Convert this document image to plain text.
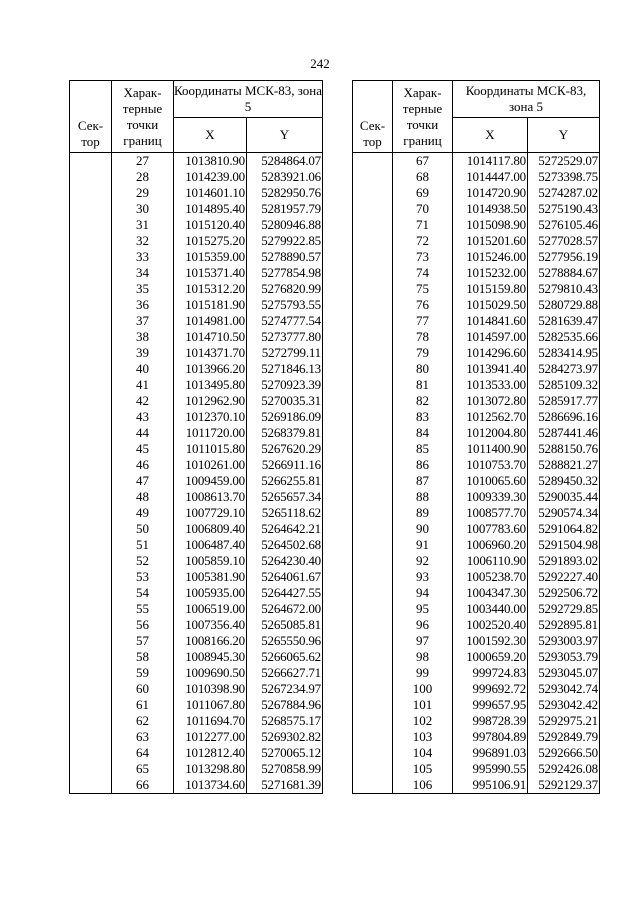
242
Сек-тор	Харак-терные точки границ	Координаты МСК-83, зона 5	
		X	Y
	27	1013810.90	5284864.07
	28	1014239.00	5283921.06
	29	1014601.10	5282950.76
	30	1014895.40	5281957.79
	31	1015120.40	5280946.88
	32	1015275.20	5279922.85
	33	1015359.00	5278890.57
	34	1015371.40	5277854.98
	35	1015312.20	5276820.99
	36	1015181.90	5275793.55
	37	1014981.00	5274777.54
	38	1014710.50	5273777.80
	39	1014371.70	5272799.11
	40	1013966.20	5271846.13
	41	1013495.80	5270923.39
	42	1012962.90	5270035.31
	43	1012370.10	5269186.09
	44	1011720.00	5268379.81
	45	1011015.80	5267620.29
	46	1010261.00	5266911.16
	47	1009459.00	5266255.81
	48	1008613.70	5265657.34
	49	1007729.10	5265118.62
	50	1006809.40	5264642.21
	51	1006487.40	5264502.68
	52	1005859.10	5264230.40
	53	1005381.90	5264061.67
	54	1005935.00	5264427.55
	55	1006519.00	5264672.00
	56	1007356.40	5265085.81
	57	1008166.20	5265550.96
	58	1008945.30	5266065.62
	59	1009690.50	5266627.71
	60	1010398.90	5267234.97
	61	1011067.80	5267884.96
	62	1011694.70	5268575.17
	63	1012277.00	5269302.82
	64	1012812.40	5270065.12
	65	1013298.80	5270858.99
	66	1013734.60	5271681.39
Сек-тор	Харак-терные точки границ	Координаты МСК-83, зона 5	
		X	Y
	67	1014117.80	5272529.07
	68	1014447.00	5273398.75
	69	1014720.90	5274287.02
	70	1014938.50	5275190.43
	71	1015098.90	5276105.46
	72	1015201.60	5277028.57
	73	1015246.00	5277956.19
	74	1015232.00	5278884.67
	75	1015159.80	5279810.43
	76	1015029.50	5280729.88
	77	1014841.60	5281639.47
	78	1014597.00	5282535.66
	79	1014296.60	5283414.95
	80	1013941.40	5284273.97
	81	1013533.00	5285109.32
	82	1013072.80	5285917.77
	83	1012562.70	5286696.16
	84	1012004.80	5287441.46
	85	1011400.90	5288150.76
	86	1010753.70	5288821.27
	87	1010065.60	5289450.32
	88	1009339.30	5290035.44
	89	1008577.70	5290574.34
	90	1007783.60	5291064.82
	91	1006960.20	5291504.98
	92	1006110.90	5291893.02
	93	1005238.70	5292227.40
	94	1004347.30	5292506.72
	95	1003440.00	5292729.85
	96	1002520.40	5292895.81
	97	1001592.30	5293003.97
	98	1000659.20	5293053.79
	99	999724.83	5293045.07
	100	999692.72	5293042.74
	101	999657.95	5293042.42
	102	998728.39	5292975.21
	103	997804.89	5292849.79
	104	996891.03	5292666.50
	105	995990.55	5292426.08
	106	995106.91	5292129.37
